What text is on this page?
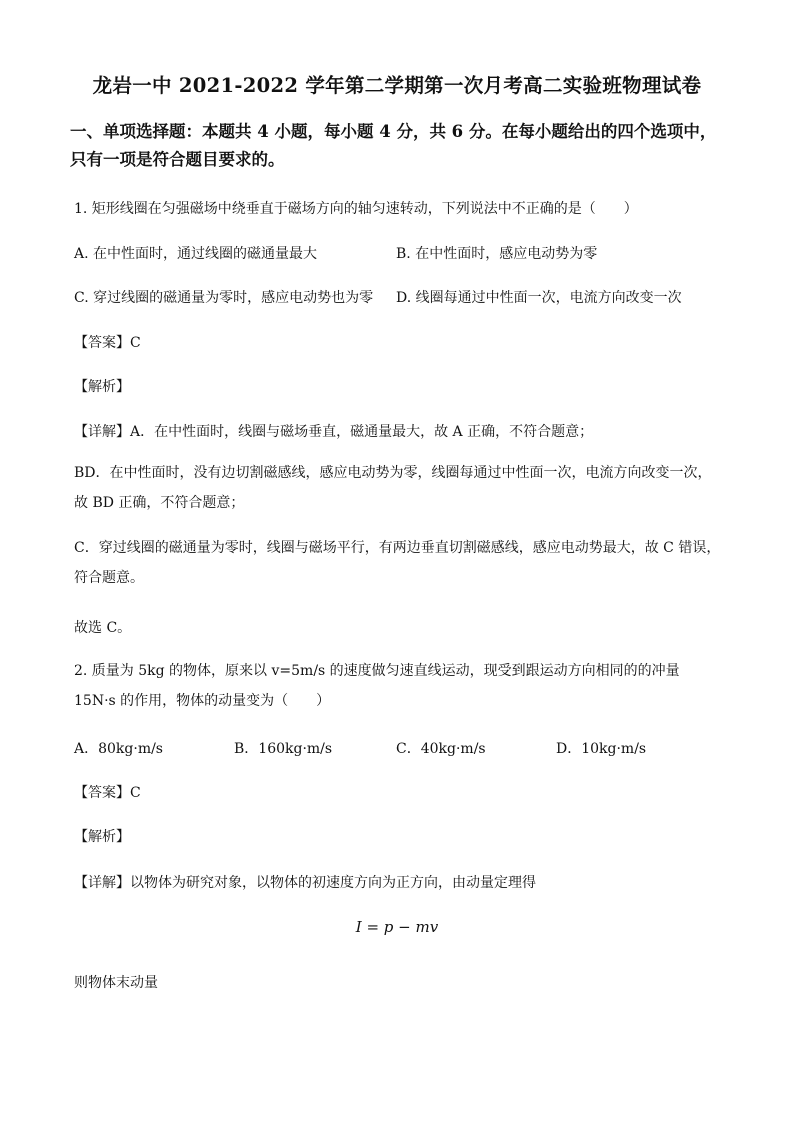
龙岩一中 2021-2022 学年第二学期第一次月考高二实验班物理试卷
一、单项选择题：本题共 4 小题，每小题 4 分，共 6 分。在每小题给出的四个选项中，只有一项是符合题目要求的。
1. 矩形线圈在匀强磁场中绕垂直于磁场方向的轴匀速转动，下列说法中不正确的是（　　）
A. 在中性面时，通过线圈的磁通量最大	B. 在中性面时，感应电动势为零
C. 穿过线圈的磁通量为零时，感应电动势也为零 D. 线圈每通过中性面一次，电流方向改变一次
【答案】C
【解析】
【详解】A．在中性面时，线圈与磁场垂直，磁通量最大，故 A 正确，不符合题意；
BD．在中性面时，没有边切割磁感线，感应电动势为零，线圈每通过中性面一次，电流方向改变一次，故 BD 正确，不符合题意；
C．穿过线圈的磁通量为零时，线圈与磁场平行，有两边垂直切割磁感线，感应电动势最大，故 C 错误，符合题意。
故选 C。
2. 质量为 5kg 的物体，原来以 v=5m/s 的速度做匀速直线运动，现受到跟运动方向相同的的冲量 15N·s 的作用，物体的动量变为（　　）
A．80kg·m/s	B．160kg·m/s	C．40kg·m/s	D．10kg·m/s
【答案】C
【解析】
【详解】以物体为研究对象，以物体的初速度方向为正方向，由动量定理得
I = p − mv
则物体末动量
